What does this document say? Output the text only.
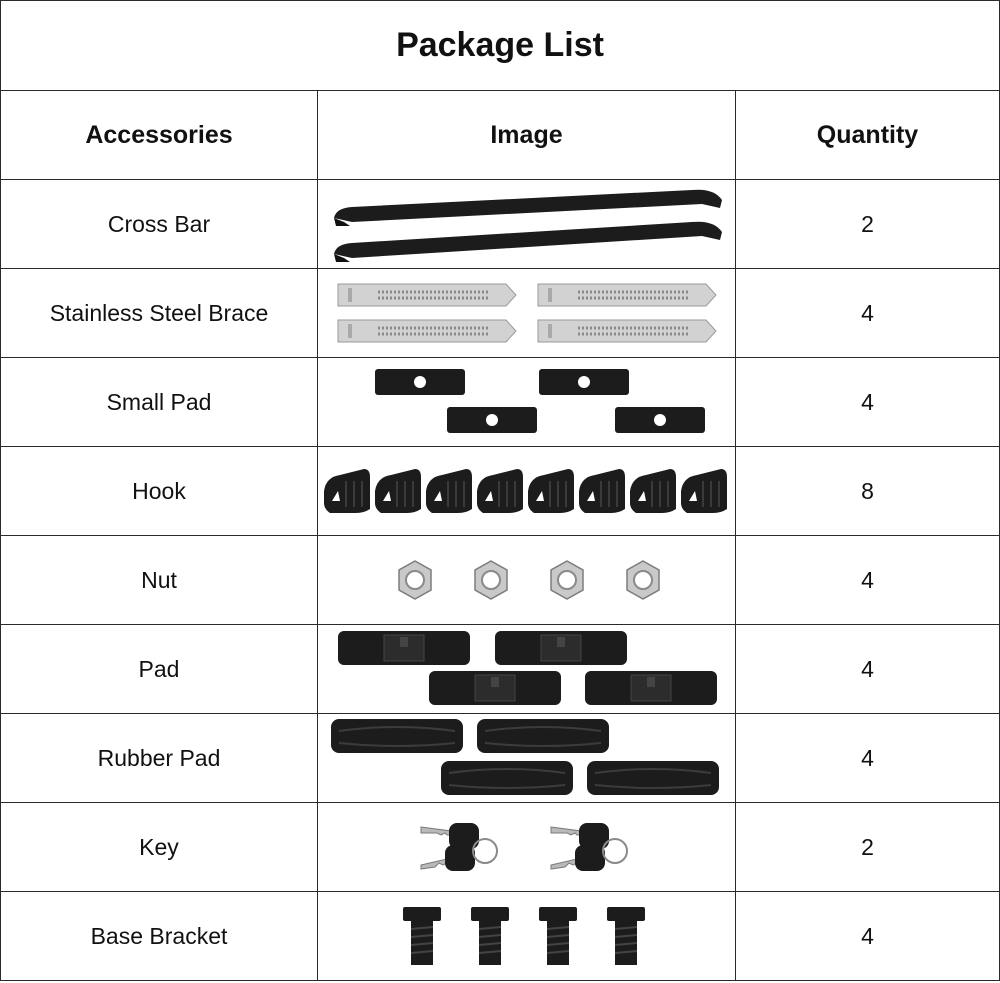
Package List		
Accessories	Image	Quantity
Cross Bar		2
Stainless Steel Brace		4
Small Pad		4
Hook		8
Nut		4
Pad		4
Rubber Pad		4
Key		2
Base Bracket		4
